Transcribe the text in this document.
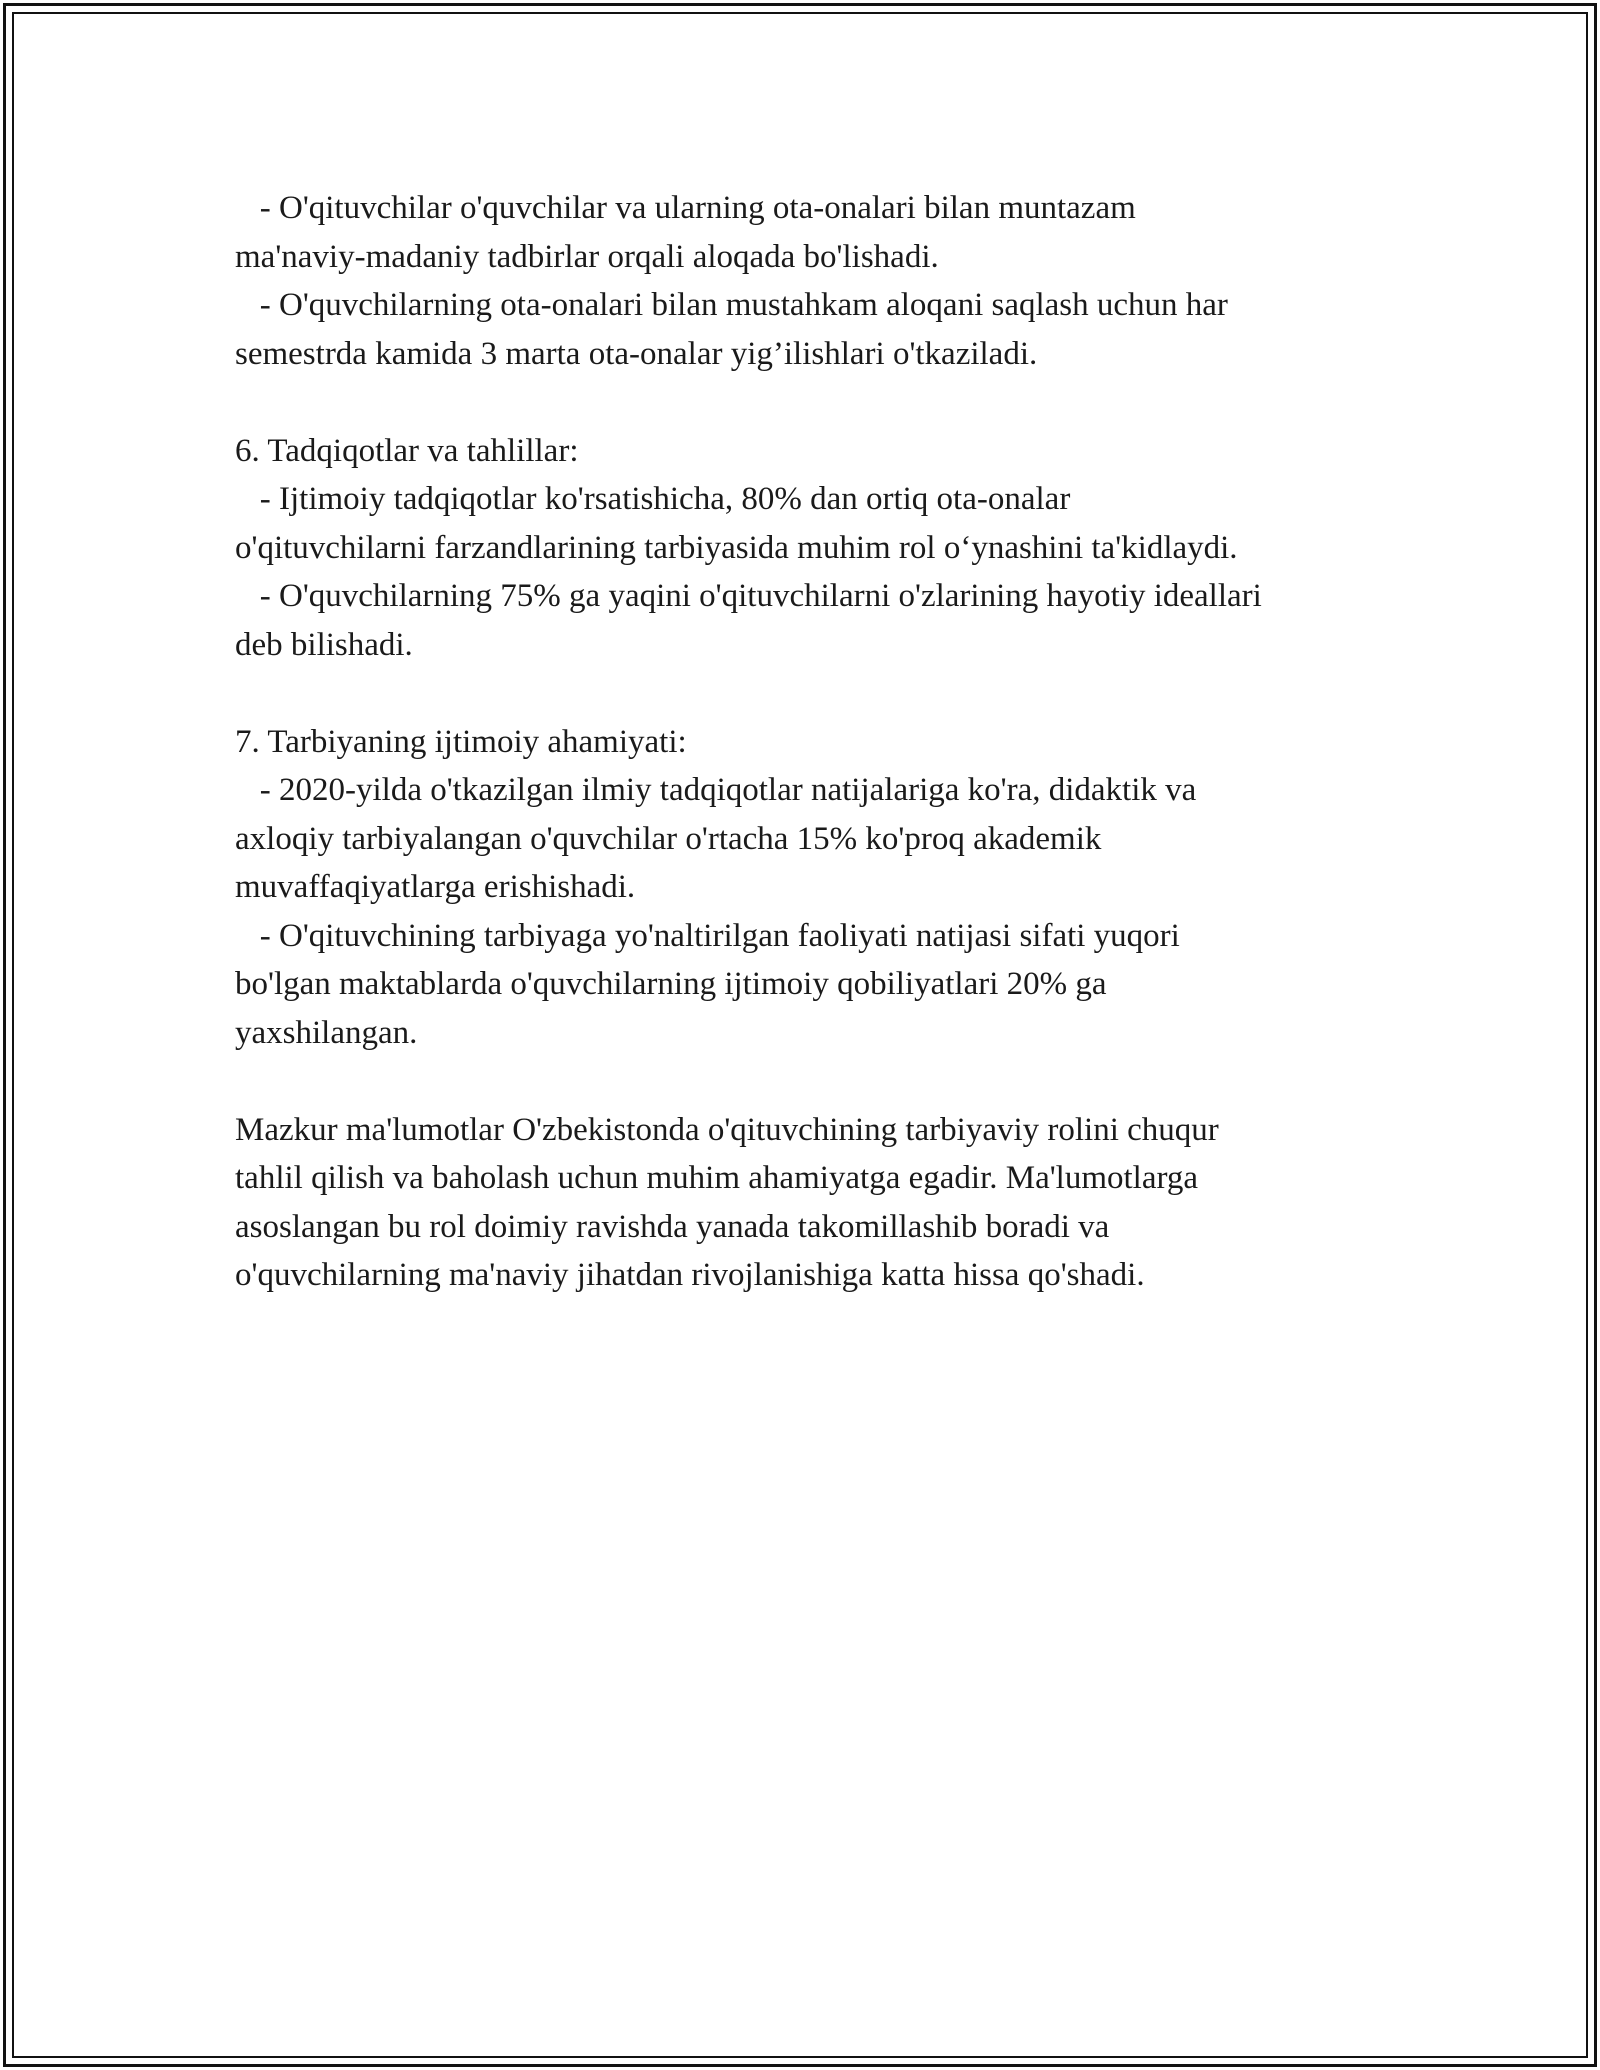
- O'qituvchilar o'quvchilar va ularning ota-onalari bilan muntazam

ma'naviy-madaniy tadbirlar orqali aloqada bo'lishadi.

- O'quvchilarning ota-onalari bilan mustahkam aloqani saqlash uchun har

semestrda kamida 3 marta ota-onalar yig’ilishlari o'tkaziladi.

6. Tadqiqotlar va tahlillar:

- Ijtimoiy tadqiqotlar ko'rsatishicha, 80% dan ortiq ota-onalar

o'qituvchilarni farzandlarining tarbiyasida muhim rol o‘ynashini ta'kidlaydi.

- O'quvchilarning 75% ga yaqini o'qituvchilarni o'zlarining hayotiy ideallari

deb bilishadi.

7. Tarbiyaning ijtimoiy ahamiyati:

- 2020-yilda o'tkazilgan ilmiy tadqiqotlar natijalariga ko'ra, didaktik va

axloqiy tarbiyalangan o'quvchilar o'rtacha 15% ko'proq akademik

muvaffaqiyatlarga erishishadi.

- O'qituvchining tarbiyaga yo'naltirilgan faoliyati natijasi sifati yuqori

bo'lgan maktablarda o'quvchilarning ijtimoiy qobiliyatlari 20% ga

yaxshilangan.

Mazkur ma'lumotlar O'zbekistonda o'qituvchining tarbiyaviy rolini chuqur

tahlil qilish va baholash uchun muhim ahamiyatga egadir. Ma'lumotlarga

asoslangan bu rol doimiy ravishda yanada takomillashib boradi va

o'quvchilarning ma'naviy jihatdan rivojlanishiga katta hissa qo'shadi.
